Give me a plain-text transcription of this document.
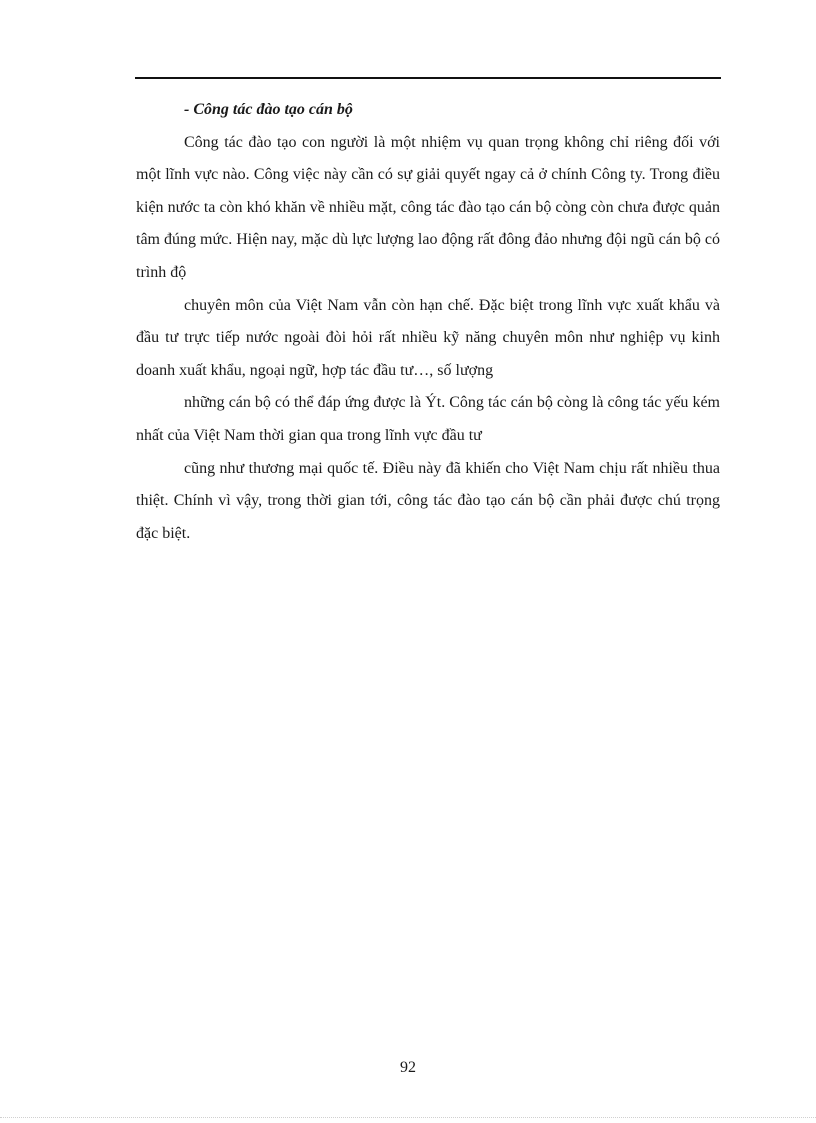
- Công tác đào tạo cán bộ

Công tác đào tạo con người là một nhiệm vụ quan trọng không chỉ riêng đối với một lĩnh vực nào. Công việc này cần có sự giải quyết ngay cả ở chính Công ty. Trong điều kiện nước ta còn khó khăn về nhiều mặt, công tác đào tạo cán bộ còng còn chưa được quản tâm đúng mức. Hiện nay, mặc dù lực lượng lao động rất đông đảo nhưng đội ngũ cán bộ có trình độ

chuyên môn của Việt Nam vẫn còn hạn chế. Đặc biệt trong lĩnh vực xuất khẩu và đầu tư trực tiếp nước ngoài đòi hỏi rất nhiều kỹ năng chuyên môn như nghiệp vụ kinh doanh xuất khẩu, ngoại ngữ, hợp tác đầu tư…, số lượng

những cán bộ có thể đáp ứng được là Ýt. Công tác cán bộ còng là công tác yếu kém nhất của Việt Nam thời gian qua trong lĩnh vực đầu tư

cũng như thương mại quốc tế. Điều này đã khiến cho Việt Nam chịu rất nhiều thua thiệt. Chính vì vậy, trong thời gian tới, công tác đào tạo cán bộ cần phải được chú trọng đặc biệt.

92
